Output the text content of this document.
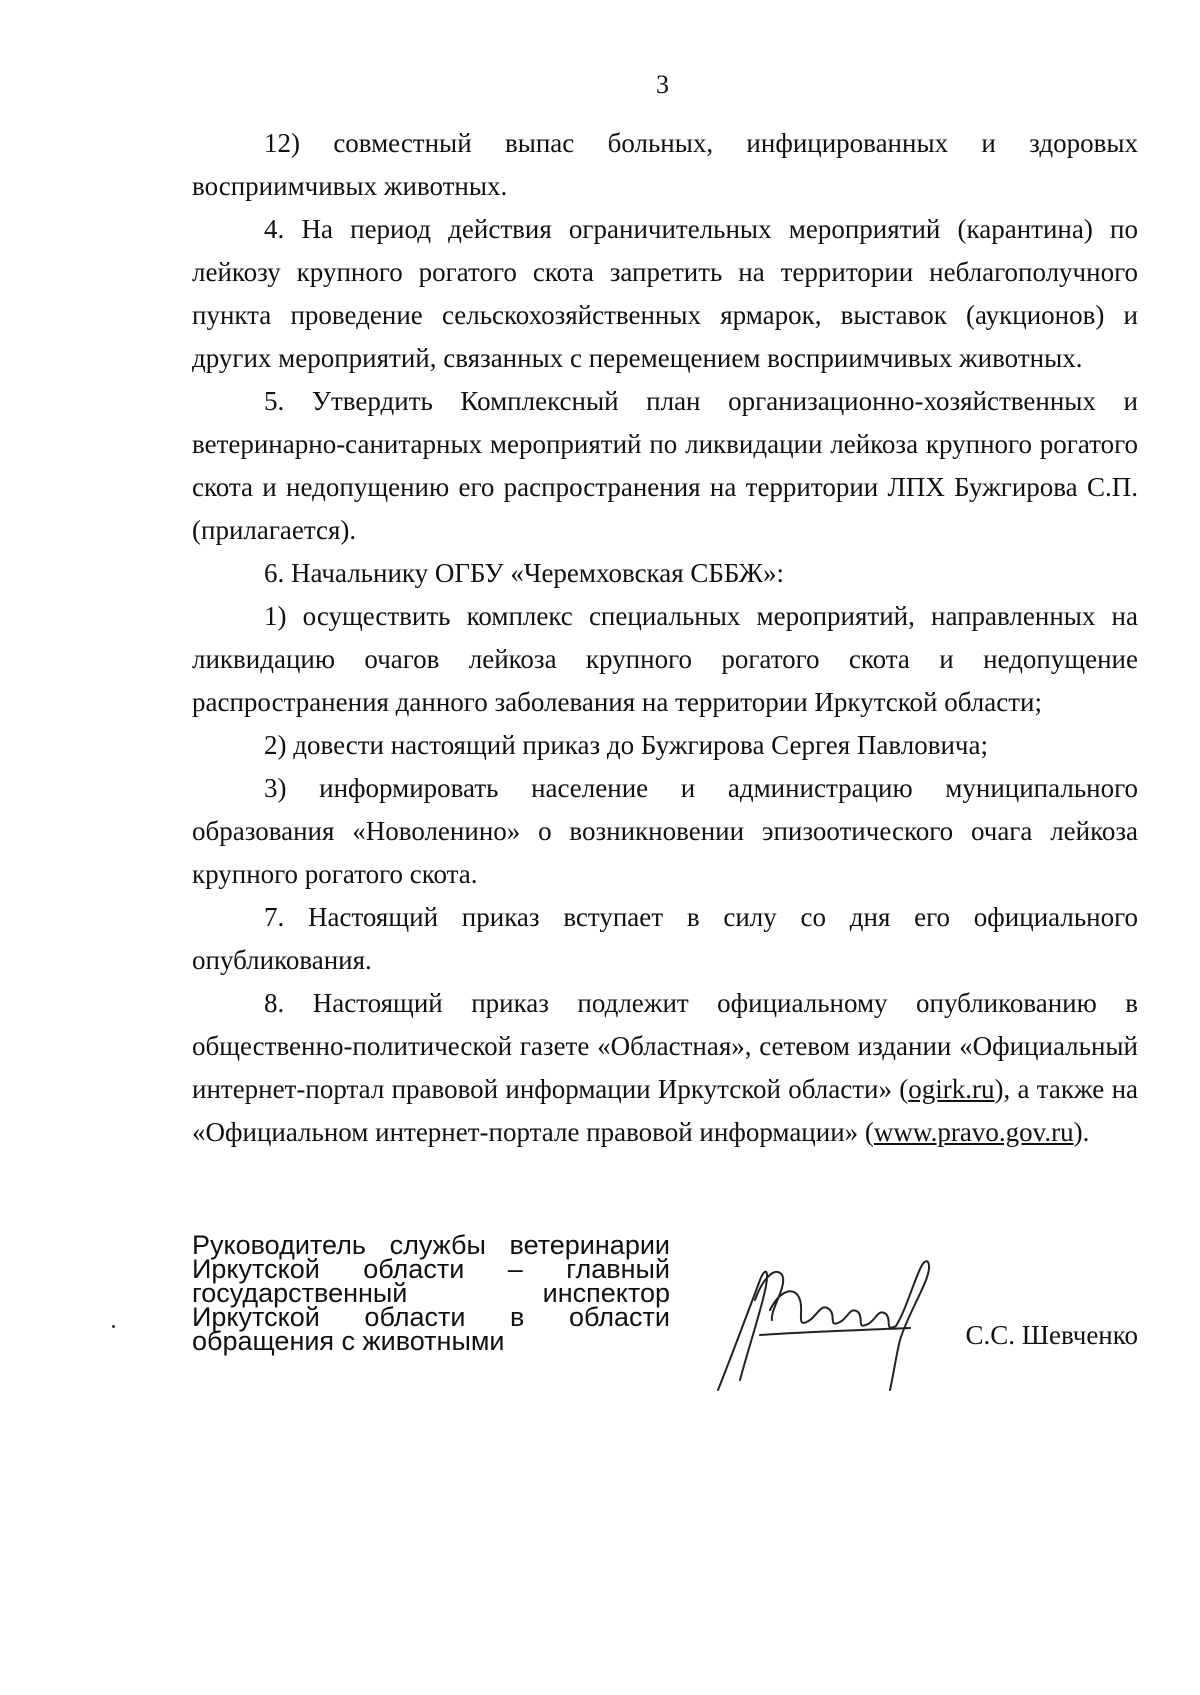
3

12) совместный выпас больных, инфицированных и здоровых восприимчивых животных.

4. На период действия ограничительных мероприятий (карантина) по лейкозу крупного рогатого скота запретить на территории неблагополучного пункта проведение сельскохозяйственных ярмарок, выставок (аукционов) и других мероприятий, связанных с перемещением восприимчивых животных.

5. Утвердить Комплексный план организационно-хозяйственных и ветеринарно-санитарных мероприятий по ликвидации лейкоза крупного рогатого скота и недопущению его распространения на территории ЛПХ Бужгирова С.П. (прилагается).

6. Начальнику ОГБУ «Черемховская СББЖ»:

1) осуществить комплекс специальных мероприятий, направленных на ликвидацию очагов лейкоза крупного рогатого скота и недопущение распространения данного заболевания на территории Иркутской области;

2) довести настоящий приказ до Бужгирова Сергея Павловича;

3) информировать население и администрацию муниципального образования «Новоленино» о возникновении эпизоотического очага лейкоза крупного рогатого скота.

7. Настоящий приказ вступает в силу со дня его официального опубликования.

8. Настоящий приказ подлежит официальному опубликованию в общественно-политической газете «Областная», сетевом издании «Официальный интернет-портал правовой информации Иркутской области» (ogirk.ru), а также на «Официальном интернет-портале правовой информации» (www.pravo.gov.ru).

Руководитель службы ветеринарии Иркутской области – главный государственный инспектор Иркутской области в области обращения с животными	С.С. Шевченко
